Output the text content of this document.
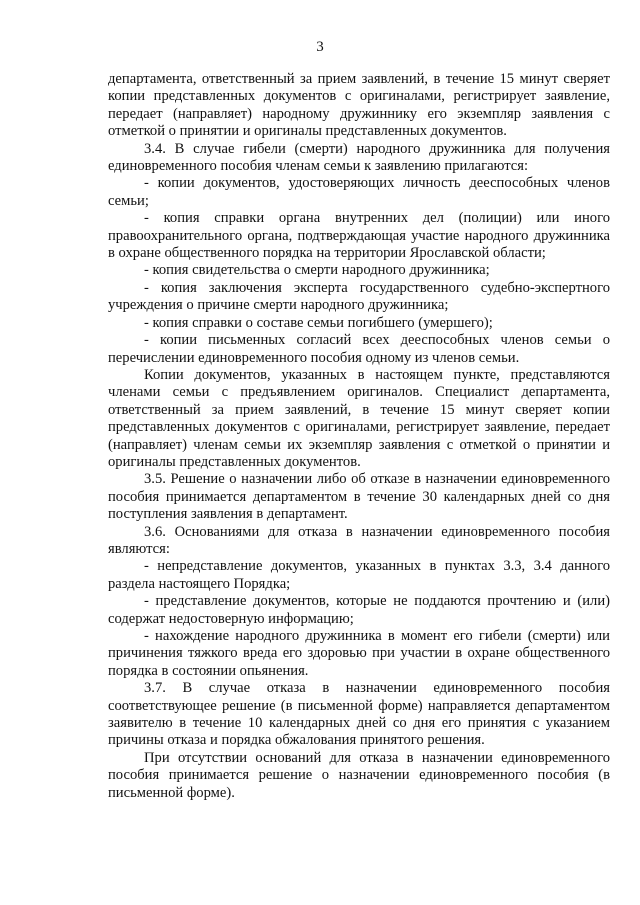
3

департамента, ответственный за прием заявлений, в течение 15 минут сверяет копии представленных документов с оригиналами, регистрирует заявление, передает (направляет) народному дружиннику его экземпляр заявления с отметкой о принятии и оригиналы представленных документов.

3.4. В случае гибели (смерти) народного дружинника для получения единовременного пособия членам семьи к заявлению прилагаются:

- копии документов, удостоверяющих личность дееспособных членов семьи;

- копия справки органа внутренних дел (полиции) или иного правоохранительного органа, подтверждающая участие народного дружинника в охране общественного порядка на территории Ярославской области;

- копия свидетельства о смерти народного дружинника;

- копия заключения эксперта государственного судебно-экспертного учреждения о причине смерти народного дружинника;

- копия справки о составе семьи погибшего (умершего);

- копии письменных согласий всех дееспособных членов семьи о перечислении единовременного пособия одному из членов семьи.

Копии документов, указанных в настоящем пункте, представляются членами семьи с предъявлением оригиналов. Специалист департамента, ответственный за прием заявлений, в течение 15 минут сверяет копии представленных документов с оригиналами, регистрирует заявление, передает (направляет) членам семьи их экземпляр заявления с отметкой о принятии и оригиналы представленных документов.

3.5. Решение о назначении либо об отказе в назначении единовременного пособия принимается департаментом в течение 30 календарных дней со дня поступления заявления в департамент.

3.6. Основаниями для отказа в назначении единовременного пособия являются:

- непредставление документов, указанных в пунктах 3.3, 3.4 данного раздела настоящего Порядка;

- представление документов, которые не поддаются прочтению и (или) содержат недостоверную информацию;

- нахождение народного дружинника в момент его гибели (смерти) или причинения тяжкого вреда его здоровью при участии в охране общественного порядка в состоянии опьянения.

3.7. В случае отказа в назначении единовременного пособия соответствующее решение (в письменной форме) направляется департаментом заявителю в течение 10 календарных дней со дня его принятия с указанием причины отказа и порядка обжалования принятого решения.

При отсутствии оснований для отказа в назначении единовременного пособия принимается решение о назначении единовременного пособия (в письменной форме).
